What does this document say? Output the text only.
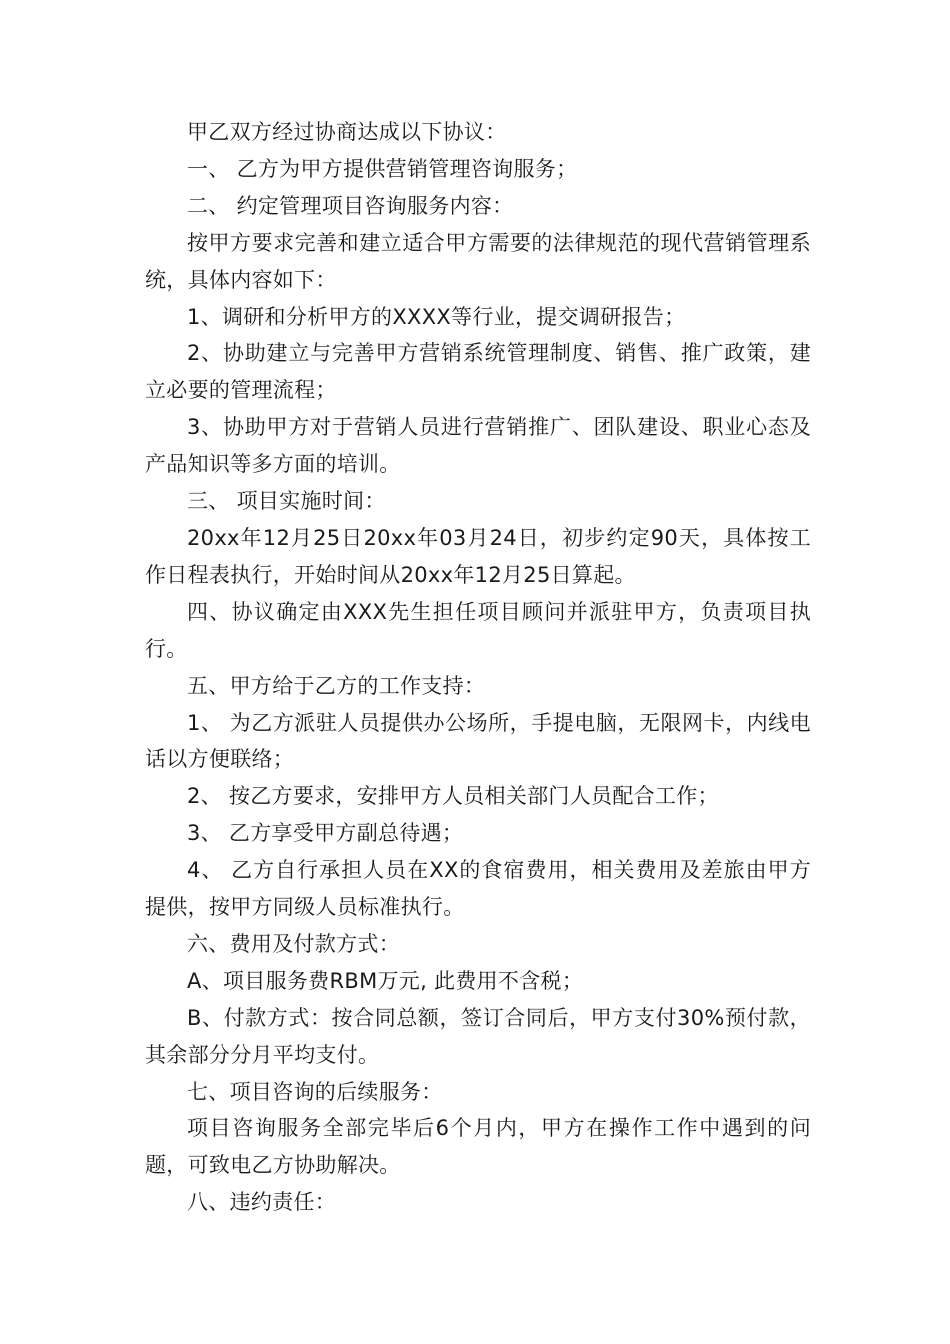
甲乙双方经过协商达成以下协议：

一、 乙方为甲方提供营销管理咨询服务；

二、 约定管理项目咨询服务内容：

按甲方要求完善和建立适合甲方需要的法律规范的现代营销管理系统，具体内容如下：

1、调研和分析甲方的XXXX等行业，提交调研报告；

2、协助建立与完善甲方营销系统管理制度、销售、推广政策，建立必要的管理流程；

3、协助甲方对于营销人员进行营销推广、团队建设、职业心态及产品知识等多方面的培训。

三、 项目实施时间：

20xx年12月25日20xx年03月24日，初步约定90天，具体按工作日程表执行，开始时间从20xx年12月25日算起。

四、协议确定由XXX先生担任项目顾问并派驻甲方，负责项目执行。

五、甲方给于乙方的工作支持：

1、 为乙方派驻人员提供办公场所，手提电脑，无限网卡，内线电话以方便联络；

2、 按乙方要求，安排甲方人员相关部门人员配合工作；

3、 乙方享受甲方副总待遇；

4、 乙方自行承担人员在XX的食宿费用，相关费用及差旅由甲方提供，按甲方同级人员标准执行。

六、费用及付款方式：

A、项目服务费RBM万元, 此费用不含税；

B、付款方式：按合同总额，签订合同后，甲方支付30%预付款，其余部分分月平均支付。

七、项目咨询的后续服务：

项目咨询服务全部完毕后6个月内，甲方在操作工作中遇到的问题，可致电乙方协助解决。

八、违约责任：
